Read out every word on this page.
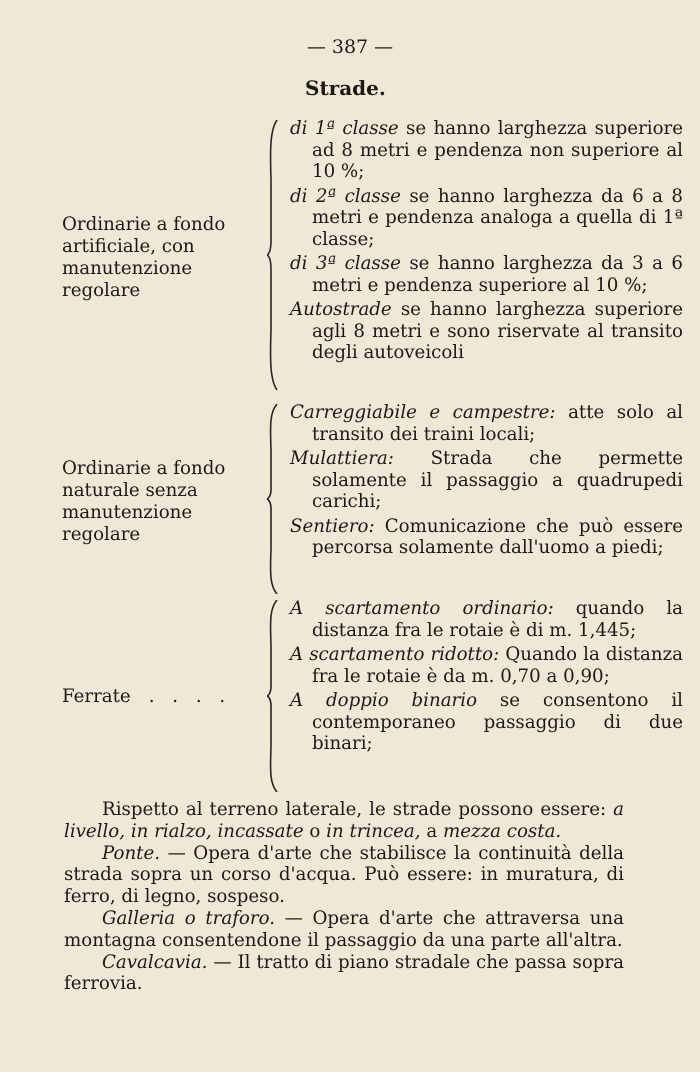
— 387 —
Strade.
Ordinarie a fondo artificiale, con manutenzione regolare

di 1ª classe se hanno larghezza superiore ad 8 metri e pendenza non superiore al 10 %;

di 2ª classe se hanno larghezza da 6 a 8 metri e pendenza analoga a quella di 1ª classe;

di 3ª classe se hanno larghezza da 3 a 6 metri e pendenza superiore al 10 %;

Autostrade se hanno larghezza superiore agli 8 metri e sono riservate al transito degli autoveicoli

Ordinarie a fondo naturale senza manutenzione regolare

Carreggiabile e campestre: atte solo al transito dei traini locali;

Mulattiera: Strada che permette solamente il passaggio a quadrupedi carichi;

Sentiero: Comunicazione che può essere percorsa solamente dall'uomo a piedi;

Ferrate . . . .

A scartamento ordinario: quando la distanza fra le rotaie è di m. 1,445;

A scartamento ridotto: Quando la distanza fra le rotaie è da m. 0,70 a 0,90;

A doppio binario se consentono il contemporaneo passaggio di due binari;

Rispetto al terreno laterale, le strade possono essere: a livello, in rialzo, incassate o in trincea, a mezza costa.

Ponte. — Opera d'arte che stabilisce la continuità della strada sopra un corso d'acqua. Può essere: in muratura, di ferro, di legno, sospeso.

Galleria o traforo. — Opera d'arte che attraversa una montagna consentendone il passaggio da una parte all'altra.

Cavalcavia. — Il tratto di piano stradale che passa sopra ferrovia.
